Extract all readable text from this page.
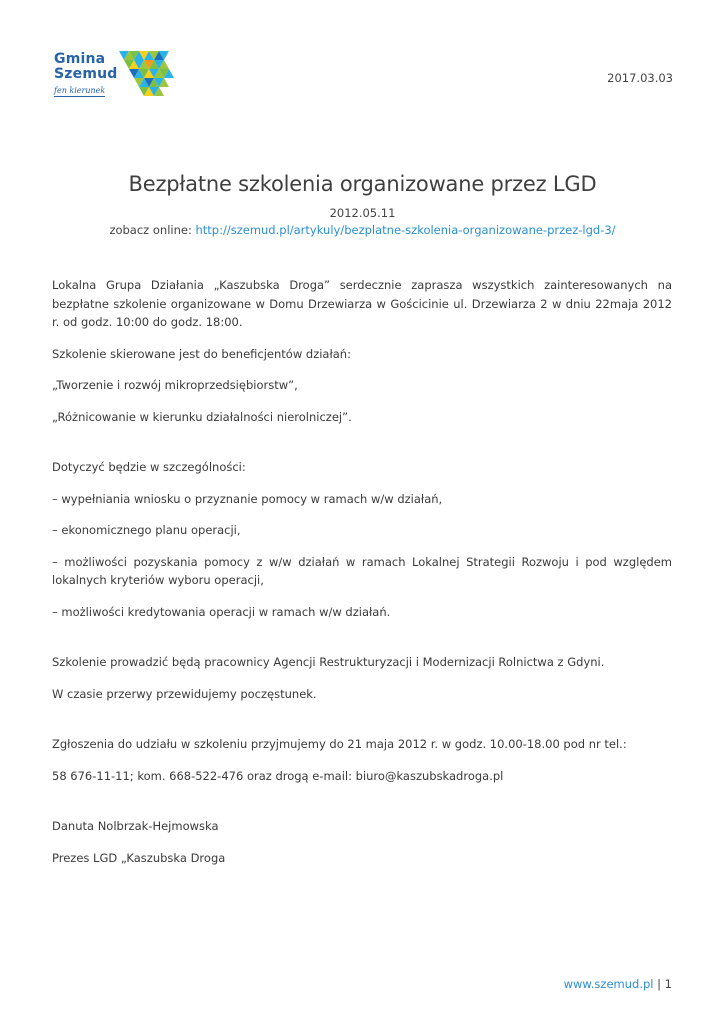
Gmina
Szemud
fen kierunek
2017.03.03
Bezpłatne szkolenia organizowane przez LGD
2012.05.11
zobacz online: http://szemud.pl/artykuly/bezplatne-szkolenia-organizowane-przez-lgd-3/

Lokalna Grupa Działania „Kaszubska Droga” serdecznie zaprasza wszystkich zainteresowanych na bezpłatne szkolenie organizowane w Domu Drzewiarza w Gościcinie ul. Drzewiarza 2 w dniu 22maja 2012 r. od godz. 10:00 do godz. 18:00.

Szkolenie skierowane jest do beneficjentów działań:

„Tworzenie i rozwój mikroprzedsiębiorstw”,

„Różnicowanie w kierunku działalności nierolniczej”.

Dotyczyć będzie w szczególności:

– wypełniania wniosku o przyznanie pomocy w ramach w/w działań,

– ekonomicznego planu operacji,

– możliwości pozyskania pomocy z w/w działań w ramach Lokalnej Strategii Rozwoju i pod względem lokalnych kryteriów wyboru operacji,

– możliwości kredytowania operacji w ramach w/w działań.

Szkolenie prowadzić będą pracownicy Agencji Restrukturyzacji i Modernizacji Rolnictwa z Gdyni.

W czasie przerwy przewidujemy poczęstunek.

Zgłoszenia do udziału w szkoleniu przyjmujemy do 21 maja 2012 r. w godz. 10.00-18.00 pod nr tel.:

58 676-11-11; kom. 668-522-476 oraz drogą e-mail: biuro@kaszubskadroga.pl

Danuta Nolbrzak-Hejmowska

Prezes LGD „Kaszubska Droga

www.szemud.pl | 1
